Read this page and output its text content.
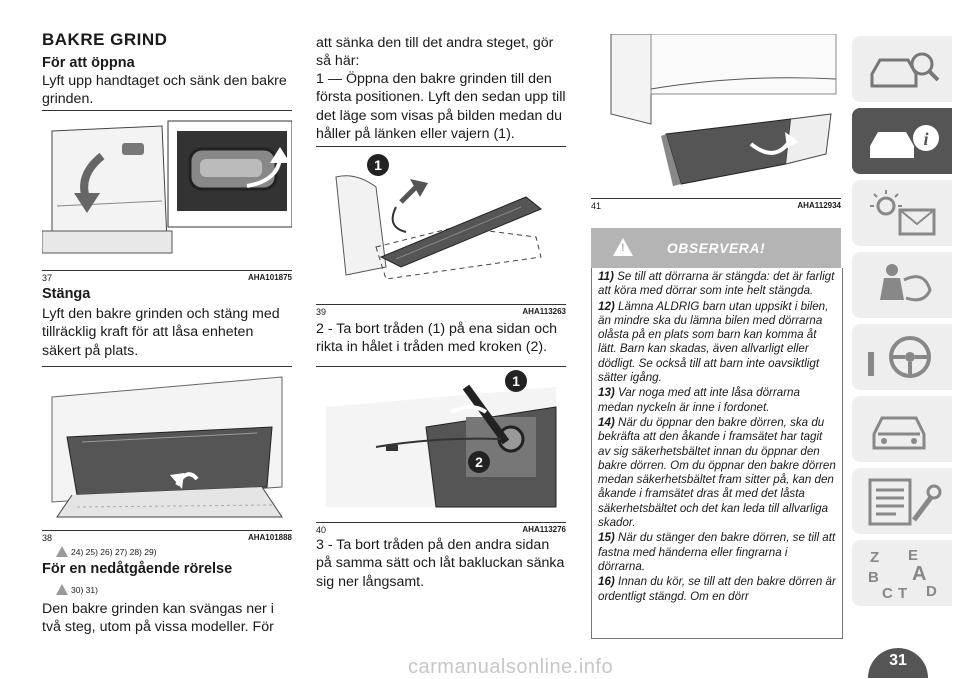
BAKRE GRIND

För att öppna

Lyft upp handtaget och sänk den bakre grinden.

37	AHA101875

Stänga

Lyft den bakre grinden och stäng med tillräcklig kraft för att låsa enheten säkert på plats.

38	AHA101888
24) 25) 26) 27) 28) 29)

För en nedåtgående rörelse

30) 31)

Den bakre grinden kan svängas ner i två steg, utom på vissa modeller. För

att sänka den till det andra steget, gör så här:

1 — Öppna den bakre grinden till den första positionen. Lyft den sedan upp till det läge som visas på bilden medan du håller på länken eller vajern (1).

1
39	AHA113263

2 - Ta bort tråden (1) på ena sidan och rikta in hålet i tråden med kroken (2).

1
2
40	AHA113276

3 - Ta bort tråden på den andra sidan på samma sätt och låt bakluckan sänka sig ner långsamt.

41	AHA112934
!
OBSERVERA!

11) Se till att dörrarna är stängda: det är farligt att köra med dörrar som inte helt stängda.

12) Lämna ALDRIG barn utan uppsikt i bilen, än mindre ska du lämna bilen med dörrarna olåsta på en plats som barn kan komma åt lätt. Barn kan skadas, även allvarligt eller dödligt. Se också till att barn inte oavsiktligt sätter igång.

13) Var noga med att inte låsa dörrarna medan nyckeln är inne i fordonet.

14) När du öppnar den bakre dörren, ska du bekräfta att den åkande i framsätet har tagit av sig säkerhetsbältet innan du öppnar den bakre dörren. Om du öppnar den bakre dörren medan säkerhetsbältet fram sitter på, kan den åkande i framsätet dras åt med det låsta säkerhetsbältet och det kan leda till allvarliga skador.

15) När du stänger den bakre dörren, se till att fastna med händerna eller fingrarna i dörrarna.

16) Innan du kör, se till att den bakre dörren är ordentligt stängd. Om en dörr

i
Z E
B A
C T D
31
carmanualsonline.info
